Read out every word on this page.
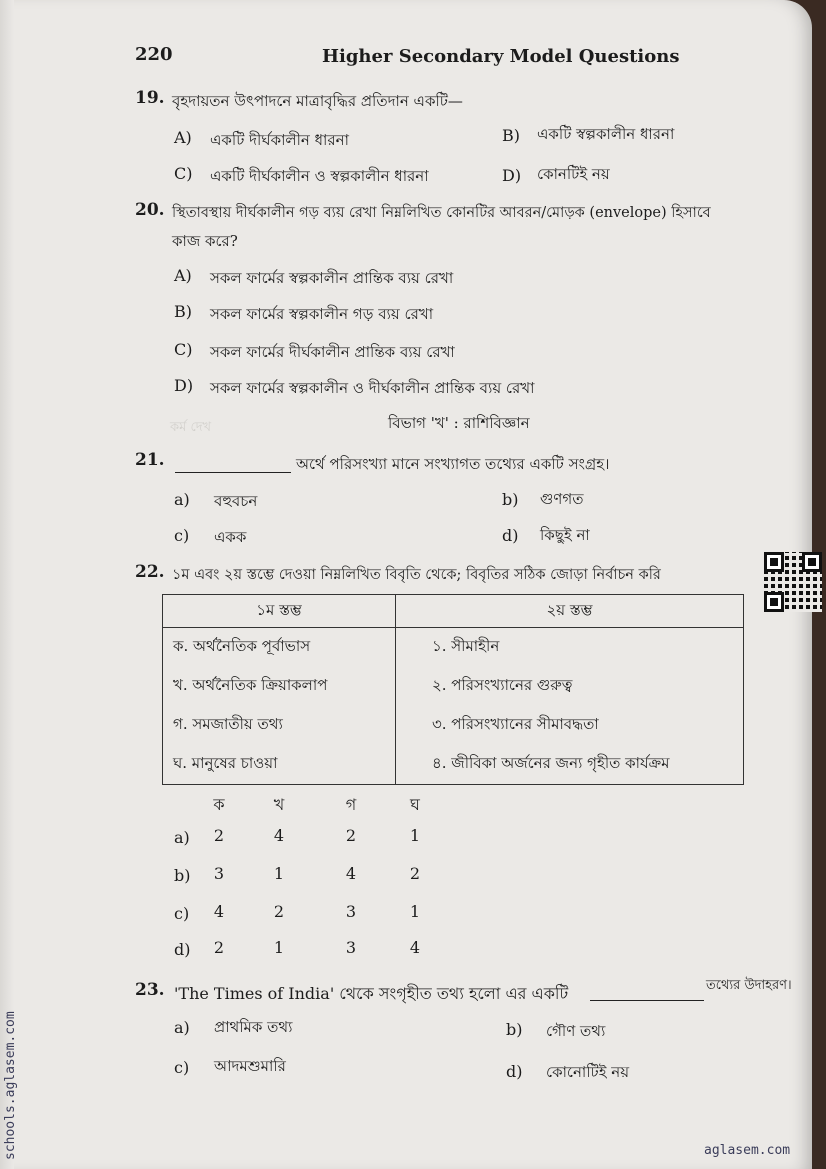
220	Higher Secondary Model Questions
19. বৃহদায়তন উৎপাদনে মাত্রাবৃদ্ধির প্রতিদান একটি—
A) একটি দীর্ঘকালীন ধারনা	B) একটি স্বল্পকালীন ধারনা
C) একটি দীর্ঘকালীন ও স্বল্পকালীন ধারনা	D) কোনটিই নয়
20. স্থিতাবস্থায় দীর্ঘকালীন গড় ব্যয় রেখা নিম্নলিখিত কোনটির আবরন/মোড়ক (envelope) হিসাবে
কাজ করে?
A) সকল ফার্মের স্বল্পকালীন প্রান্তিক ব্যয় রেখা
B) সকল ফার্মের স্বল্পকালীন গড় ব্যয় রেখা
C) সকল ফার্মের দীর্ঘকালীন প্রান্তিক ব্যয় রেখা
D) সকল ফার্মের স্বল্পকালীন ও দীর্ঘকালীন প্রান্তিক ব্যয় রেখা
কর্ম দেখ	বিভাগ 'খ' : রাশিবিজ্ঞান
21.	অর্থে পরিসংখ্যা মানে সংখ্যাগত তথ্যের একটি সংগ্রহ।
a) বহুবচন	b) গুণগত
c) একক	d) কিছুই না
22. ১ম এবং ২য় স্তম্ভে দেওয়া নিম্নলিখিত বিবৃতি থেকে; বিবৃতির সঠিক জোড়া নির্বাচন করি
১ম স্তম্ভ	২য় স্তম্ভ
ক. অর্থনৈতিক পূর্বাভাস	১. সীমাহীন
খ. অর্থনৈতিক ক্রিয়াকলাপ	২. পরিসংখ্যানের গুরুত্ব
গ. সমজাতীয় তথ্য	৩. পরিসংখ্যানের সীমাবদ্ধতা
ঘ. মানুষের চাওয়া	৪. জীবিকা অর্জনের জন্য গৃহীত কার্যক্রম
ক	খ	গ	ঘ
a)	2	4	2	1
b)	3	1	4	2
c)	4	2	3	1
d)	2	1	3	4
23. 'The Times of India' থেকে সংগৃহীত তথ্য হলো এর একটি	তথ্যের উদাহরণ।
a) প্রাথমিক তথ্য	b) গৌণ তথ্য
c) আদমশুমারি	d) কোনোটিই নয়
schools.aglasem.com	aglasem.com
